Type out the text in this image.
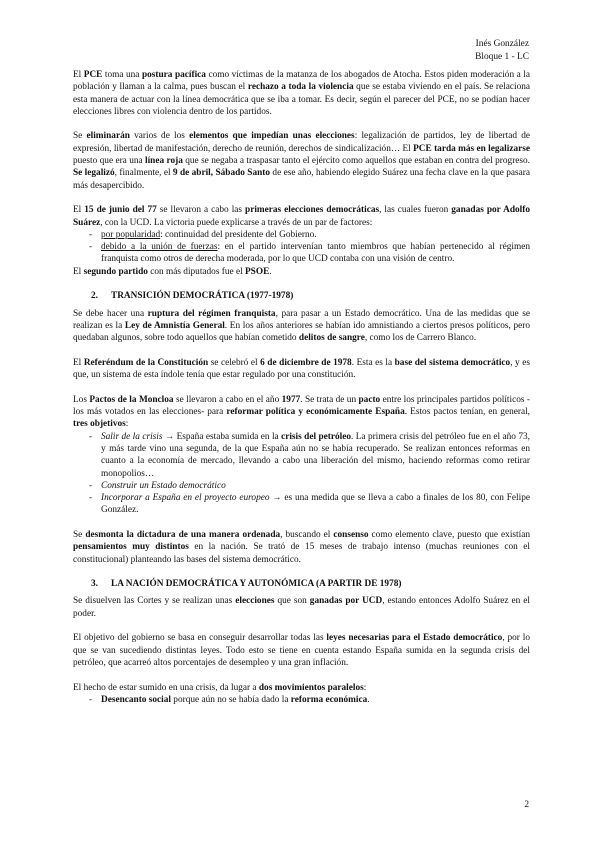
Inés González
Bloque 1 - LC

El PCE toma una postura pacífica como víctimas de la matanza de los abogados de Atocha. Estos piden moderación a la población y llaman a la calma, pues buscan el rechazo a toda la violencia que se estaba viviendo en el país. Se relaciona esta manera de actuar con la línea democrática que se iba a tomar. Es decir, según el parecer del PCE, no se podían hacer elecciones libres con violencia dentro de los partidos.

Se eliminarán varios de los elementos que impedían unas elecciones: legalización de partidos, ley de libertad de expresión, libertad de manifestación, derecho de reunión, derechos de sindicalización… El PCE tarda más en legalizarse puesto que era una línea roja que se negaba a traspasar tanto el ejército como aquellos que estaban en contra del progreso. Se legalizó, finalmente, el 9 de abril, Sábado Santo de ese año, habiendo elegido Suárez una fecha clave en la que pasara más desapercibido.

El 15 de junio del 77 se llevaron a cabo las primeras elecciones democráticas, las cuales fueron ganadas por Adolfo Suárez, con la UCD. La victoria puede explicarse a través de un par de factores:

- por popularidad: continuidad del presidente del Gobierno.
- debido a la unión de fuerzas: en el partido intervenían tanto miembros que habían pertenecido al régimen franquista como otros de derecha moderada, por lo que UCD contaba con una visión de centro.

El segundo partido con más diputados fue el PSOE.

2. TRANSICIÓN DEMOCRÁTICA (1977-1978)

Se debe hacer una ruptura del régimen franquista, para pasar a un Estado democrático. Una de las medidas que se realizan es la Ley de Amnistía General. En los años anteriores se habían ido amnistiando a ciertos presos políticos, pero quedaban algunos, sobre todo aquellos que habían cometido delitos de sangre, como los de Carrero Blanco.

El Referéndum de la Constitución se celebró el 6 de diciembre de 1978. Esta es la base del sistema democrático, y es que, un sistema de esta índole tenía que estar regulado por una constitución.

Los Pactos de la Moncloa se llevaron a cabo en el año 1977. Se trata de un pacto entre los principales partidos políticos -los más votados en las elecciones- para reformar política y económicamente España. Estos pactos tenían, en general, tres objetivos:

- Salir de la crisis → España estaba sumida en la crisis del petróleo. La primera crisis del petróleo fue en el año 73, y más tarde vino una segunda, de la que España aún no se había recuperado. Se realizan entonces reformas en cuanto a la economía de mercado, llevando a cabo una liberación del mismo, haciendo reformas como retirar monopolios…
- Construir un Estado democrático
- Incorporar a España en el proyecto europeo → es una medida que se lleva a cabo a finales de los 80, con Felipe González.

Se desmonta la dictadura de una manera ordenada, buscando el consenso como elemento clave, puesto que existían pensamientos muy distintos en la nación. Se trató de 15 meses de trabajo intenso (muchas reuniones con el constitucional) planteando las bases del sistema democrático.

3. LA NACIÓN DEMOCRÁTICA Y AUTONÓMICA (A PARTIR DE 1978)

Se disuelven las Cortes y se realizan unas elecciones que son ganadas por UCD, estando entonces Adolfo Suárez en el poder.

El objetivo del gobierno se basa en conseguir desarrollar todas las leyes necesarias para el Estado democrático, por lo que se van sucediendo distintas leyes. Todo esto se tiene en cuenta estando España sumida en la segunda crisis del petróleo, que acarreó altos porcentajes de desempleo y una gran inflación.

El hecho de estar sumido en una crisis, da lugar a dos movimientos paralelos:

- Desencanto social porque aún no se había dado la reforma económica.
2
